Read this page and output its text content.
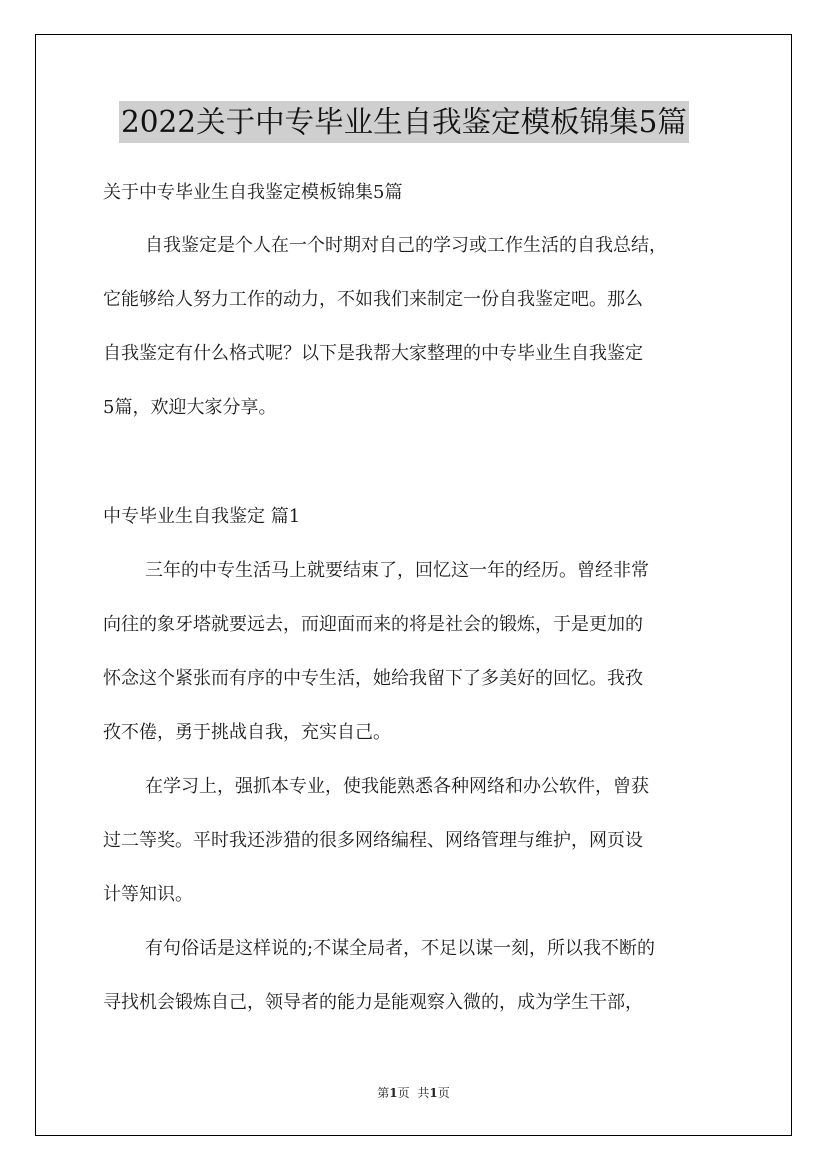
2022关于中专毕业生自我鉴定模板锦集5篇
关于中专毕业生自我鉴定模板锦集5篇
自我鉴定是个人在一个时期对自己的学习或工作生活的自我总结，
它能够给人努力工作的动力，不如我们来制定一份自我鉴定吧。那么
自我鉴定有什么格式呢？以下是我帮大家整理的中专毕业生自我鉴定
5篇，欢迎大家分享。
中专毕业生自我鉴定 篇1
三年的中专生活马上就要结束了，回忆这一年的经历。曾经非常
向往的象牙塔就要远去，而迎面而来的将是社会的锻炼，于是更加的
怀念这个紧张而有序的中专生活，她给我留下了多美好的回忆。我孜
孜不倦，勇于挑战自我，充实自己。
在学习上，强抓本专业，使我能熟悉各种网络和办公软件，曾获
过二等奖。平时我还涉猎的很多网络编程、网络管理与维护，网页设
计等知识。
有句俗话是这样说的;不谋全局者，不足以谋一刻，所以我不断的
寻找机会锻炼自己，领导者的能力是能观察入微的，成为学生干部，
第1页 共1页
